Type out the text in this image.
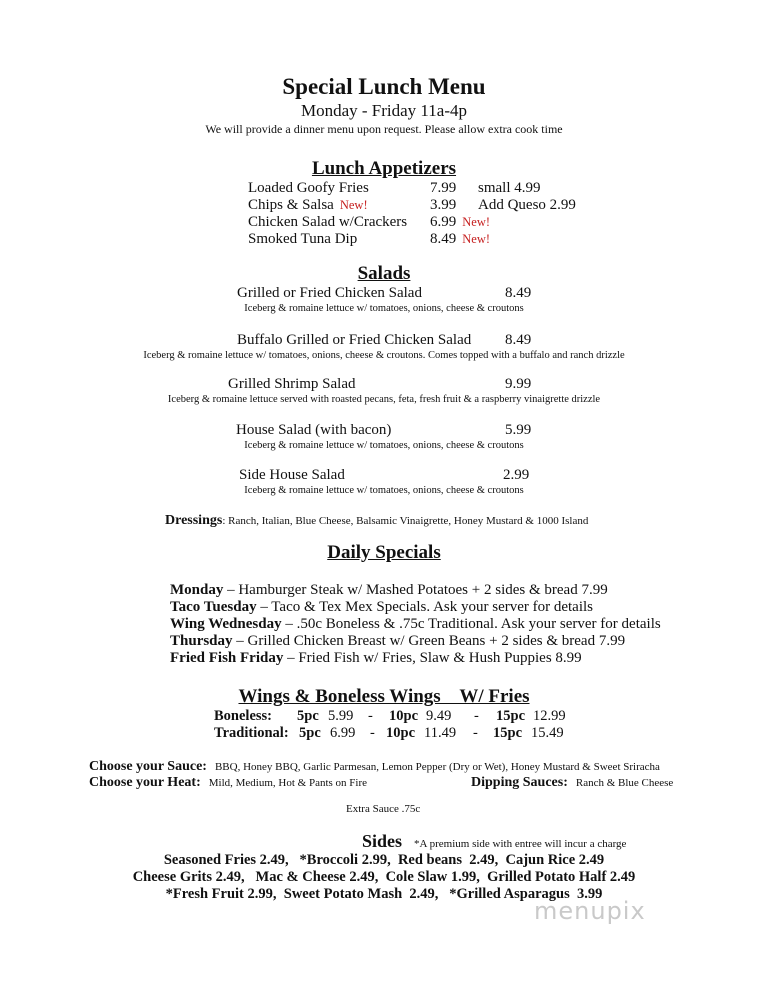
Special Lunch Menu
Monday - Friday 11a-4p
We will provide a dinner menu upon request. Please allow extra cook time
Lunch Appetizers
Loaded Goofy Fries	7.99 small 4.99
Chips & Salsa New!	3.99 Add Queso 2.99
Chicken Salad w/Crackers 6.99 New!
Smoked Tuna Dip	8.49 New!
Salads
Grilled or Fried Chicken Salad	8.49
Iceberg & romaine lettuce w/ tomatoes, onions, cheese & croutons
Buffalo Grilled or Fried Chicken Salad 8.49
Iceberg & romaine lettuce w/ tomatoes, onions, cheese & croutons. Comes topped with a buffalo and ranch drizzle
Grilled Shrimp Salad	9.99
Iceberg & romaine lettuce served with roasted pecans, feta, fresh fruit & a raspberry vinaigrette drizzle
House Salad (with bacon)	5.99
Iceberg & romaine lettuce w/ tomatoes, onions, cheese & croutons
Side House Salad	2.99
Iceberg & romaine lettuce w/ tomatoes, onions, cheese & croutons
Dressings: Ranch, Italian, Blue Cheese, Balsamic Vinaigrette, Honey Mustard & 1000 Island
Daily Specials
Monday – Hamburger Steak w/ Mashed Potatoes + 2 sides & bread 7.99
Taco Tuesday – Taco & Tex Mex Specials. Ask your server for details
Wing Wednesday – .50c Boneless & .75c Traditional. Ask your server for details
Thursday – Grilled Chicken Breast w/ Green Beans + 2 sides & bread 7.99
Fried Fish Friday – Fried Fish w/ Fries, Slaw & Hush Puppies 8.99
Wings & Boneless Wings    W/ Fries
Boneless: 5pc 5.99 - 10pc 9.49 - 15pc 12.99
Traditional: 5pc 6.99 - 10pc 11.49 - 15pc 15.49
Choose your Sauce: BBQ, Honey BBQ, Garlic Parmesan, Lemon Pepper (Dry or Wet), Honey Mustard & Sweet Sriracha
Choose your Heat: Mild, Medium, Hot & Pants on Fire	Dipping Sauces: Ranch & Blue Cheese
Extra Sauce .75c
Sides *A premium side with entree will incur a charge
Seasoned Fries 2.49,   *Broccoli 2.99,  Red beans  2.49,  Cajun Rice 2.49
Cheese Grits 2.49,   Mac & Cheese 2.49,  Cole Slaw 1.99,  Grilled Potato Half 2.49
*Fresh Fruit 2.99,  Sweet Potato Mash  2.49,   *Grilled Asparagus  3.99
menupix
